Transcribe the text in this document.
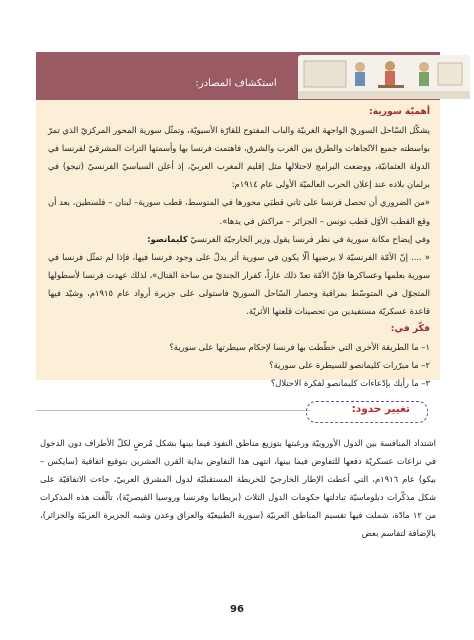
استكشاف المصادر:
أهميّة سورية:
يشكّل السّاحل السوريّ الواجهة الغربيّة والباب المفتوح للقارّة الأسيويّة، وتمثّل سورية المحور المركزيّ الذي تمرّ بواسطته جميع الاتّجاهات والطرق بين الغرب والشرق، فاهتمت فرنسا بها وأسمتها التراث المشرقيّ لفرنسا في الدولة العثمانيّة، ووضعت البرامج لاحتلالها مثل إقليم المغرب العربيّ، إذ أعلن السياسيّ الفرنسيّ (تيجو) في برلمان بلاده عند إعلان الحرب العالميّة الأولى عام ١٩١٤م:
«من الضروري أن تحصل فرنسا على ثاني قطبَي محورها في المتوسط، قطب سورية– لبنان – فلسطين، بعد أن وقع القطب الأوّل قطب تونس – الجزائر – مراكش في يدها».
وفي إيضاح مكانة سورية في نظر فرنسا يقول وزير الخارجيّة الفرنسيّ كليمانصو:
« .... إنّ الأمّة الفرنسيّة لا يرضيها ألّا يكون في سورية أثر يدلّ على وجود فرنسا فيها، فإذا لم تمثّل فرنسا في سورية بعلمها وعساكرها فإنّ الأمّة تعدّ ذلك عاراً، كفرار الجنديّ من ساحة القتال»، لذلك عهدت فرنسا لأسطولها المتجوّل في المتوسّط بمراقبة وحصار السّاحل السوريّ فاستولى على جزيرة أرواد عام ١٩١٥م، وشيّد فيها قاعدة عسكريّة مستفيدين من تحصينات قلعتها الأثريّة.
فكّر في:
١– ما الطريقة الأخرى التي خطّطت بها فرنسا لإحكام سيطرتها على سورية؟
٢– ما مبرّرات كليمانصو للسيطرة على سورية؟
٣– ما رأيك بإدّعاءات كليمانصو لفكرة الاحتلال؟
تغيير حدود:
اشتداد المنافسة بين الدول الأوروبيّة ورغبتها بتوزيع مناطق النفوذ فيما بينها بشكل مُرضٍ لكلّ الأطراف دون الدخول في نزاعات عسكريّة دفعها للتفاوض فيما بينها، انتهى هذا التفاوض بداية القرن العشرين بتوقيع اتفاقية (سايكس – بيكو) عام ١٩١٦م، التي أعطت الإطار الخارجيّ للخريطة المستقبليّة لدول المشرق العربيّ، جاءت الاتفاقيّة على شكل مذكّرات دبلوماسيّة تبادلتها حكومات الدول الثلاث (بريطانيا وفرنسا وروسيا القيصريّة)، تألّفت هذه المذكرات من ١٢ مادّة، شملت فيها تقسيم المناطق العربيّة (سورية الطبيعيّة والعراق وعدن وشبه الجزيرة العربيّة والجزائر)، بالإضافة لتقاسم بعض
96
